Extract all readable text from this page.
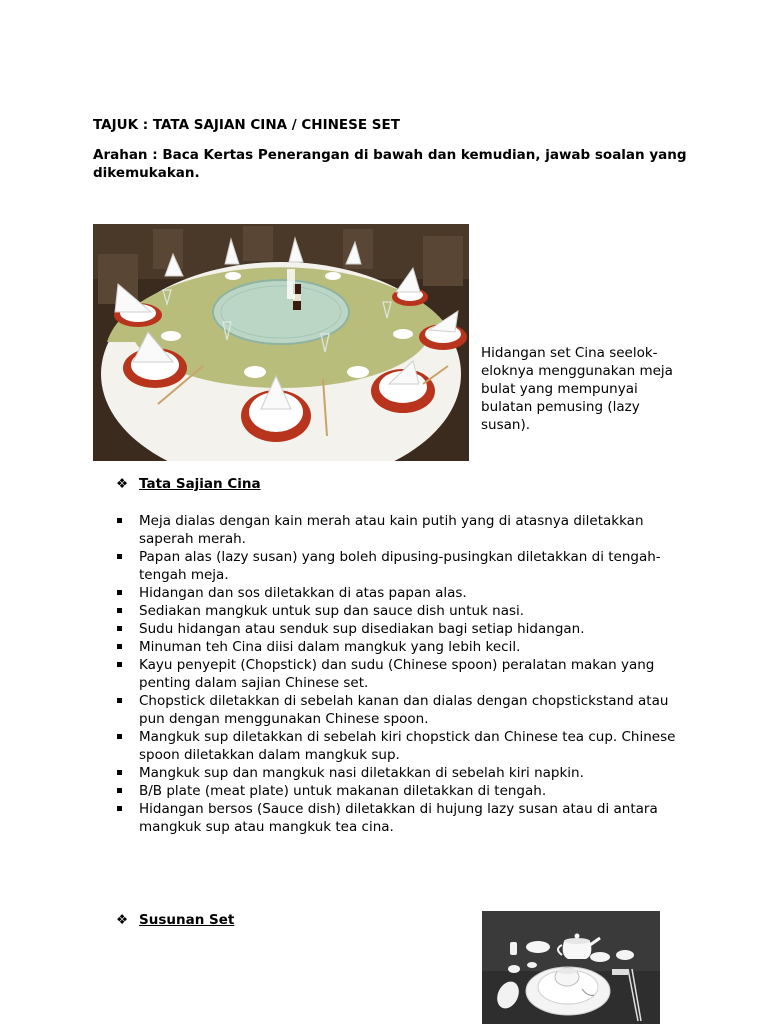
TAJUK : TATA SAJIAN CINA / CHINESE SET
Arahan : Baca Kertas Penerangan di bawah dan kemudian, jawab soalan yang dikemukakan.
Hidangan set Cina seelok-eloknya menggunakan meja bulat yang mempunyai bulatan pemusing (lazy susan).
❖ Tata Sajian Cina
Meja dialas dengan kain merah atau kain putih yang di atasnya diletakkan saperah merah.
Papan alas (lazy susan) yang boleh dipusing-pusingkan diletakkan di tengah-tengah meja.
Hidangan dan sos diletakkan di atas papan alas.
Sediakan mangkuk untuk sup dan sauce dish untuk nasi.
Sudu hidangan atau senduk sup disediakan bagi setiap hidangan.
Minuman teh Cina diisi dalam mangkuk yang lebih kecil.
Kayu penyepit (Chopstick) dan sudu (Chinese spoon) peralatan makan yang penting dalam sajian Chinese set.
Chopstick diletakkan di sebelah kanan dan dialas dengan chopstickstand atau pun dengan menggunakan Chinese spoon.
Mangkuk sup diletakkan di sebelah kiri chopstick dan Chinese tea cup. Chinese spoon diletakkan dalam mangkuk sup.
Mangkuk sup dan mangkuk nasi diletakkan di sebelah kiri napkin.
B/B plate (meat plate) untuk makanan diletakkan di tengah.
Hidangan bersos (Sauce dish) diletakkan di hujung lazy susan atau di antara mangkuk sup atau mangkuk tea cina.
❖ Susunan Set
